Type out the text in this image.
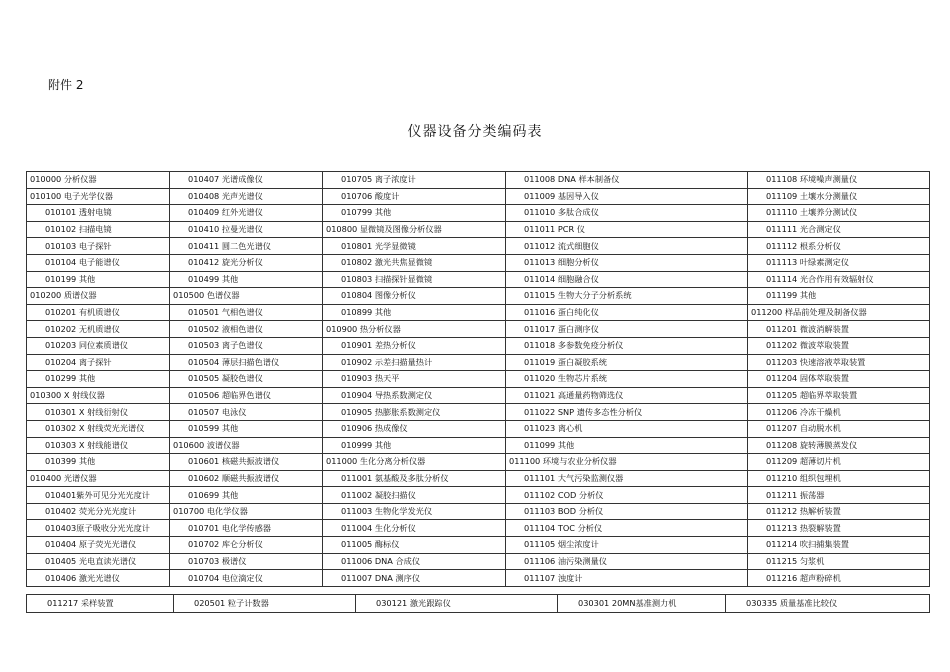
附件 2
仪器设备分类编码表
010000 分析仪器	010407 光谱成像仪	010705 离子浓度计	011008 DNA 样本制备仪	011108 环境噪声测量仪
010100 电子光学仪器	010408 光声光谱仪	010706 酸度计	011009 基因导入仪	011109 土壤水分测量仪
010101 透射电镜	010409 红外光谱仪	010799 其他	011010 多肽合成仪	011110 土壤养分测试仪
010102 扫描电镜	010410 拉曼光谱仪	010800 显微镜及图像分析仪器	011011 PCR 仪	011111 光合测定仪
010103 电子探针	010411 圆二色光谱仪	010801 光学显微镜	011012 流式细胞仪	011112 根系分析仪
010104 电子能谱仪	010412 旋光分析仪	010802 激光共焦显微镜	011013 细胞分析仪	011113 叶绿素测定仪
010199 其他	010499 其他	010803 扫描探针显微镜	011014 细胞融合仪	011114 光合作用有效辐射仪
010200 质谱仪器	010500 色谱仪器	010804 图像分析仪	011015 生物大分子分析系统	011199 其他
010201 有机质谱仪	010501 气相色谱仪	010899 其他	011016 蛋白纯化仪	011200 样品前处理及制备仪器
010202 无机质谱仪	010502 液相色谱仪	010900 热分析仪器	011017 蛋白测序仪	011201 微波消解装置
010203 同位素质谱仪	010503 离子色谱仪	010901 差热分析仪	011018 多参数免疫分析仪	011202 微波萃取装置
010204 离子探针	010504 薄层扫描色谱仪	010902 示差扫描量热计	011019 蛋白凝胶系统	011203 快速溶液萃取装置
010299 其他	010505 凝胶色谱仪	010903 热天平	011020 生物芯片系统	011204 固体萃取装置
010300 X 射线仪器	010506 超临界色谱仪	010904 导热系数测定仪	011021 高通量药物筛选仪	011205 超临界萃取装置
010301 X 射线衍射仪	010507 电泳仪	010905 热膨胀系数测定仪	011022 SNP 遗传多态性分析仪	011206 冷冻干燥机
010302 X 射线荧光光谱仪	010599 其他	010906 热成像仪	011023 离心机	011207 自动脱水机
010303 X 射线能谱仪	010600 波谱仪器	010999 其他	011099 其他	011208 旋转薄膜蒸发仪
010399 其他	010601 核磁共振波谱仪	011000 生化分离分析仪器	011100 环境与农业分析仪器	011209 超薄切片机
010400 光谱仪器	010602 顺磁共振波谱仪	011001 氨基酸及多肽分析仪	011101 大气污染监测仪器	011210 组织包埋机
010401紫外可见分光光度计	010699 其他	011002 凝胶扫描仪	011102 COD 分析仪	011211 振荡器
010402 荧光分光光度计	010700 电化学仪器	011003 生物化学发光仪	011103 BOD 分析仪	011212 热解析装置
010403原子吸收分光光度计	010701 电化学传感器	011004 生化分析仪	011104 TOC 分析仪	011213 热裂解装置
010404 原子荧光光谱仪	010702 库仑分析仪	011005 酶标仪	011105 烟尘浓度计	011214 吹扫捕集装置
010405 光电直读光谱仪	010703 极谱仪	011006 DNA 合成仪	011106 油污染测量仪	011215 匀浆机
010406 激光光谱仪	010704 电位滴定仪	011007 DNA 测序仪	011107 浊度计	011216 超声粉碎机
011217 采样装置	020501 粒子计数器	030121 激光跟踪仪	030301 20MN基准测力机	030335 质量基准比较仪
